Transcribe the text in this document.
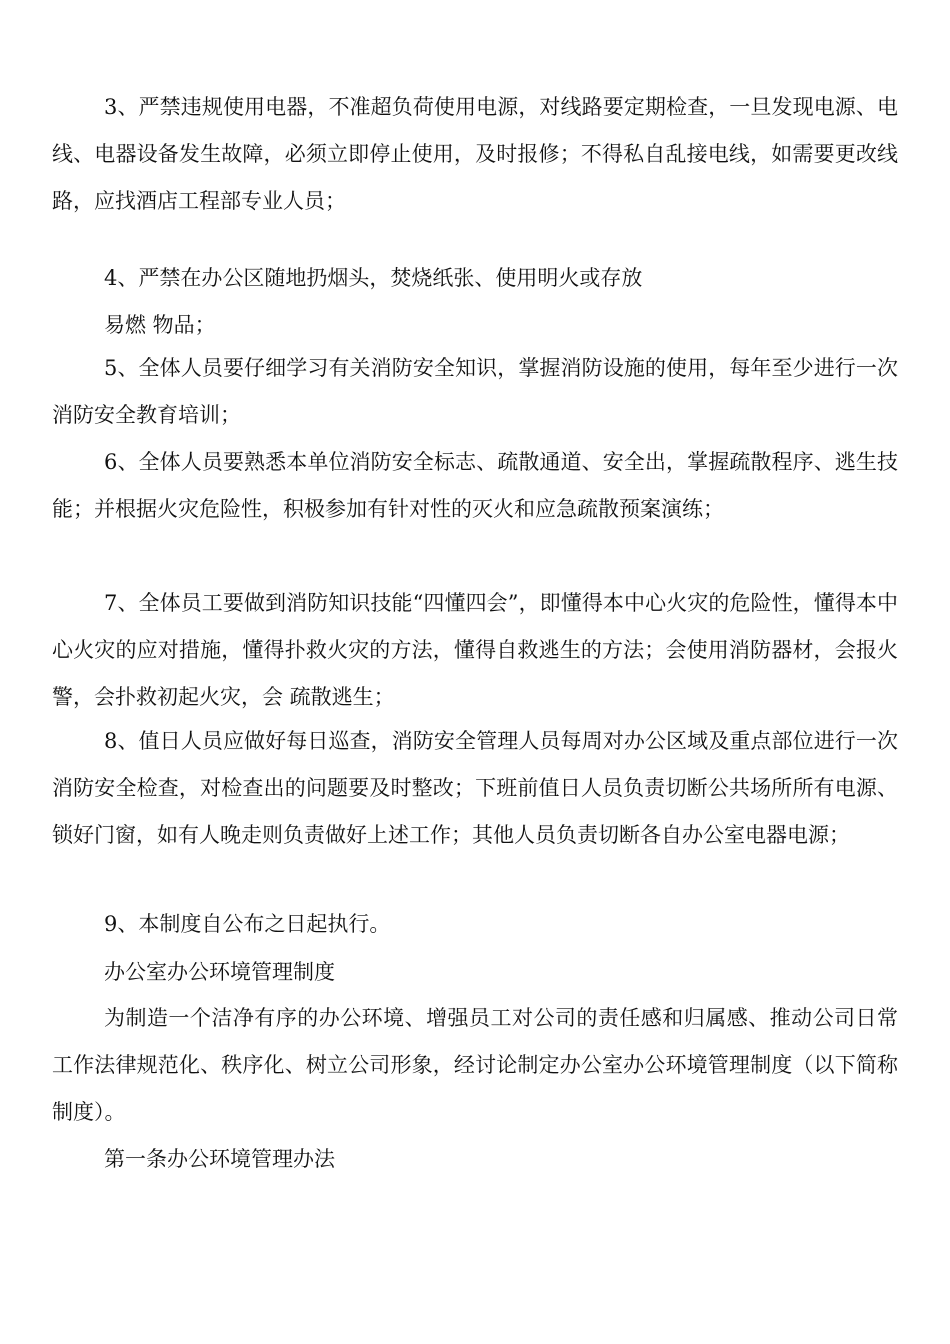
3、严禁违规使用电器，不准超负荷使用电源，对线路要定期检查，一旦发现电源、电线、电器设备发生故障，必须立即停止使用，及时报修；不得私自乱接电线，如需要更改线路，应找酒店工程部专业人员；

4、严禁在办公区随地扔烟头，焚烧纸张、使用明火或存放

易燃 物品；

5、全体人员要仔细学习有关消防安全知识，掌握消防设施的使用，每年至少进行一次消防安全教育培训；

6、全体人员要熟悉本单位消防安全标志、疏散通道、安全出，掌握疏散程序、逃生技能；并根据火灾危险性，积极参加有针对性的灭火和应急疏散预案演练；

7、全体员工要做到消防知识技能“四懂四会”，即懂得本中心火灾的危险性，懂得本中心火灾的应对措施，懂得扑救火灾的方法，懂得自救逃生的方法；会使用消防器材，会报火警，会扑救初起火灾，会 疏散逃生；

8、值日人员应做好每日巡查，消防安全管理人员每周对办公区域及重点部位进行一次消防安全检查，对检查出的问题要及时整改；下班前值日人员负责切断公共场所所有电源、锁好门窗，如有人晚走则负责做好上述工作；其他人员负责切断各自办公室电器电源；

9、本制度自公布之日起执行。

办公室办公环境管理制度

为制造一个洁净有序的办公环境、增强员工对公司的责任感和归属感、推动公司日常工作法律规范化、秩序化、树立公司形象，经讨论制定办公室办公环境管理制度（以下简称制度）。

第一条办公环境管理办法
